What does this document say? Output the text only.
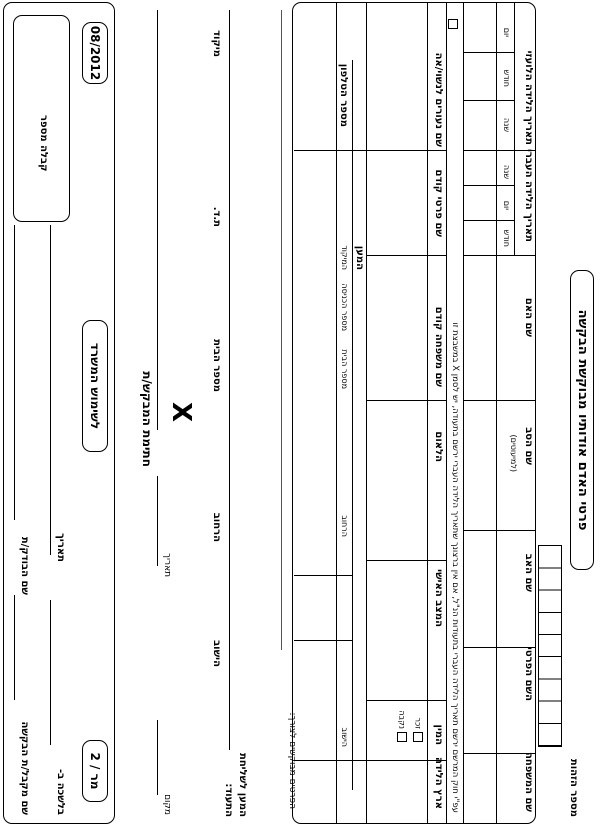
פרטי האדם אודותיו מבוקשת הבקשה
מספר הזהות
שם המשפחה
השם הפרטי
שם האב
שם הסב
(למיעוטים)
שם האם
תאריך הלידה העברי
יום
חודש
שנה
תאריך הלידה הלועזי
יום
חודש
שנה
עפ"י חוק המרשם ירשם תאריך הלידה העברי בתעודות הנ"ל, אם אין ברצונך שתאריך הלידה העברי ירשם בתעודה, יש לסמן X במשבצת זו
ארץ הלידה
המין
זכר
נקבה
המצב האישי
הלאום
שם משפחה קודם
שם פרטי קודם
שם נעורים לנשוי/אה
המען
הישוב
הרחוב
מספר הבית
מספר הכניסה
המיקוד
מספר הטלפון
הפרטים מבוקשים לצורך:
המען לשליחת
התעוד:
הישוב
הרחוב
מספר הבית
ת.ד.
מיקוד
מקום
תאריך
X
חתימת המבקש/ת
מר / 2
לשימוש המשרד
08/2012
בלשכה ב-
תאריך
שם מקבל/ת הבקשה
שם הבודק/ת
קבלה מספר
